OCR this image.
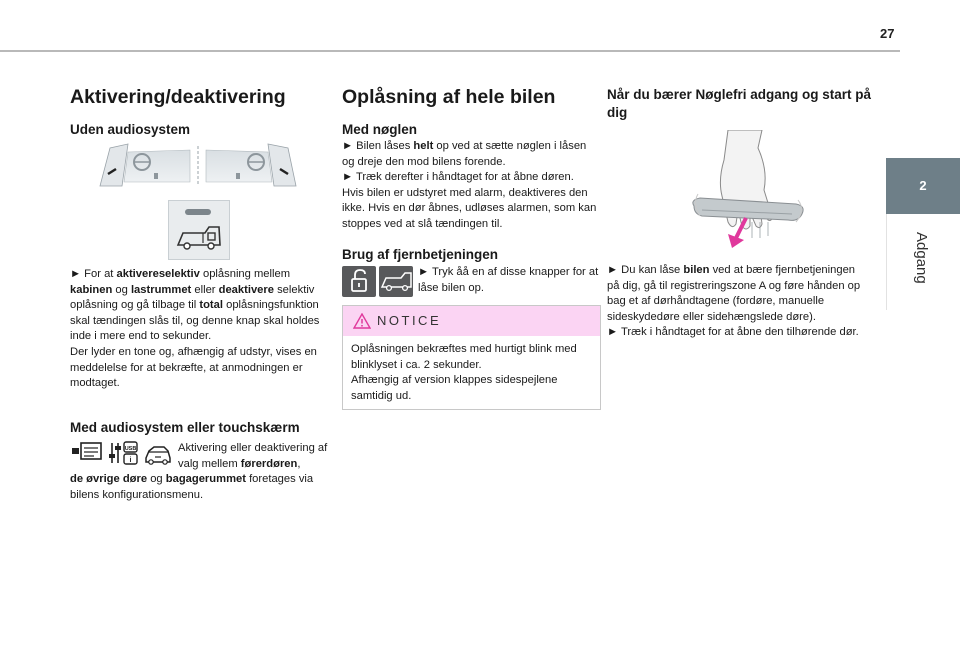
27
2
Adgang
Aktivering/deaktivering
Uden audiosystem

► For at aktivereselektiv oplåsning mellem kabinen og lastrummet eller deaktivere selektiv oplåsning og gå tilbage til total oplåsningsfunktion skal tændingen slås til, og denne knap skal holdes inde i mere end to sekunder.

Der lyder en tone og, afhængig af udstyr, vises en meddelelse for at bekræfte, at anmodningen er modtaget.

Med audiosystem eller touchskærm
USB
i
Aktivering eller deaktivering af valg mellem førerdøren,
de øvrige døre og bagagerummet foretages via bilens konfigurationsmenu.
Oplåsning af hele bilen
Med nøglen

► Bilen låses helt op ved at sætte nøglen i låsen og dreje den mod bilens forende.

► Træk derefter i håndtaget for at åbne døren.

Hvis bilen er udstyret med alarm, deaktiveres den ikke. Hvis en dør åbnes, udløses alarmen, som kan stoppes ved at slå tændingen til.

Brug af fjernbetjeningen
► Tryk åå en af disse knapper for at låse bilen op.
NOTICE
Oplåsningen bekræftes med hurtigt blink med blinklyset i ca. 2 sekunder.
Afhængig af version klappes sidespejlene samtidig ud.
Når du bærer Nøglefri adgang og start på dig

► Du kan låse bilen ved at bære fjernbetjeningen på dig, gå til registreringszone A og føre hånden op bag et af dørhåndtagene (fordøre, manuelle sideskydedøre eller sidehængslede døre).

► Træk i håndtaget for at åbne den tilhørende dør.
